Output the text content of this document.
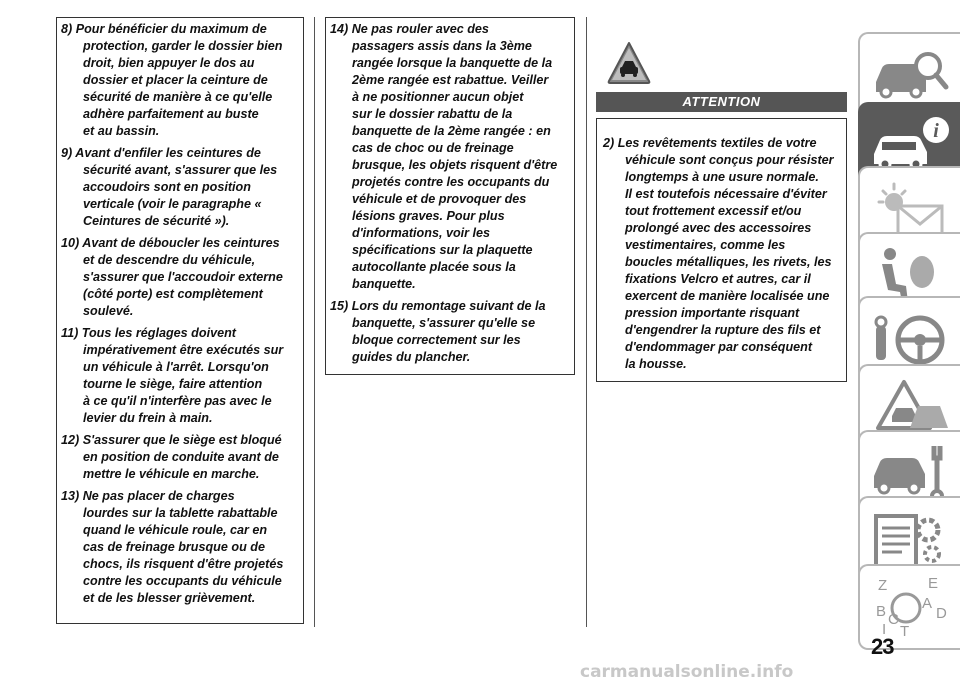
8) Pour bénéficier du maximum de
protection, garder le dossier bien
droit, bien appuyer le dos au
dossier et placer la ceinture de
sécurité de manière à ce qu'elle
adhère parfaitement au buste
et au bassin.
9) Avant d'enfiler les ceintures de
sécurité avant, s'assurer que les
accoudoirs sont en position
verticale (voir le paragraphe «
Ceintures de sécurité »).
10) Avant de déboucler les ceintures
et de descendre du véhicule,
s'assurer que l'accoudoir externe
(côté porte) est complètement
soulevé.
11) Tous les réglages doivent
impérativement être exécutés sur
un véhicule à l'arrêt. Lorsqu'on
tourne le siège, faire attention
à ce qu'il n'interfère pas avec le
levier du frein à main.
12) S'assurer que le siège est bloqué
en position de conduite avant de
mettre le véhicule en marche.
13) Ne pas placer de charges
lourdes sur la tablette rabattable
quand le véhicule roule, car en
cas de freinage brusque ou de
chocs, ils risquent d'être projetés
contre les occupants du véhicule
et de les blesser grièvement.
14) Ne pas rouler avec des
passagers assis dans la 3ème
rangée lorsque la banquette de la
2ème rangée est rabattue. Veiller
à ne positionner aucun objet
sur le dossier rabattu de la
banquette de la 2ème rangée : en
cas de choc ou de freinage
brusque, les objets risquent d'être
projetés contre les occupants du
véhicule et de provoquer des
lésions graves. Pour plus
d'informations, voir les
spécifications sur la plaquette
autocollante placée sous la
banquette.
15) Lors du remontage suivant de la
banquette, s'assurer qu'elle se
bloque correctement sur les
guides du plancher.
ATTENTION
2) Les revêtements textiles de votre
véhicule sont conçus pour résister
longtemps à une usure normale.
Il est toutefois nécessaire d'éviter
tout frottement excessif et/ou
prolongé avec des accessoires
vestimentaires, comme les
boucles métalliques, les rivets, les
fixations Velcro et autres, car il
exercent de manière localisée une
pression importante risquant
d'engendrer la rupture des fils et
d'endommager par conséquent
la housse.
i
Z	E
A
B C D
I T
23
carmanualsonline.info
